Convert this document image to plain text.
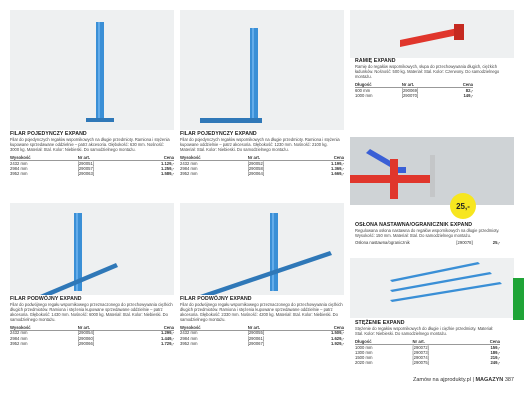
25,-
FILAR POJEDYNCZY EXPAND
Filar do pojedynczych regałów wspornikowych na długie przedmioty. Ramiona i stężenia kupowane sprzedawane oddzielnie – patrz akcesoria. Głębokość: 630 mm. Nośność: 3000 kg. Materiał: Stal. Kolor: Niebieski. Do samodzielnego montażu.
Wysokość	Nr art.	Cena
2432 mm	[290051]	1.129,-
2984 mm	[290057]	1.259,-
3952 mm	[290063]	1.589,-
FILAR POJEDYNCZY EXPAND
Filar do pojedynczych regałów wspornikowych na długie przedmioty. Ramiona i stężenia kupowane oddzielnie – patrz akcesoria. Głębokość: 1230 mm. Nośność: 2100 kg. Materiał: Stal. Kolor: Niebieski. Do samodzielnego montażu.
Wysokość	Nr art.	Cena
2432 mm	[290052]	1.199,-
2984 mm	[290058]	1.369,-
3952 mm	[290064]	1.669,-
RAMIĘ EXPAND
Ramię do regałów wspornikowych, słupa do przechowywania długich, ciężkich ładunków. Nośność: 500 kg. Materiał: Stal. Kolor: Czerwony. Do samodzielnego montażu.
Długość	Nr art.	Cena
600 mm	[290069]	82,-
1000 mm	[290070]	149,-
OSŁONA NASTAWNA/OGRANICZNIK EXPAND
Regulowana osłona nastawna do regałów wspornikowych na długie przedmioty. Wysokość: 150 mm. Materiał: Stal. Do samodzielnego montażu.
Osłona nastawna/ogranicznik	[290078]	25,-
FILAR PODWÓJNY EXPAND
Filar do podwójnego regału wspornikowego przeznaczonego do przechowywania ciężkich długich przedmiotów. Ramiona i stężenia kupowane sprzedawane oddzielnie – patrz akcesoria. Głębokość: 1430 mm. Nośność: 6000 kg. Materiał: Stal. Kolor: Niebieski. Do samodzielnego montażu.
Wysokość	Nr art.	Cena
2432 mm	[290054]	1.299,-
2984 mm	[290060]	1.449,-
3952 mm	[290066]	1.729,-
FILAR PODWÓJNY EXPAND
Filar do podwójnego regału wspornikowego przeznaczonego do przechowywania ciężkich długich przedmiotów. Ramiona i stężenia kupowane sprzedawane oddzielnie – patrz akcesoria. Głębokość: 2330 mm. Nośność: 4200 kg. Materiał: Stal. Kolor: Niebieski. Do samodzielnego montażu.
Wysokość	Nr art.	Cena
2432 mm	[290055]	1.509,-
2984 mm	[290061]	1.629,-
3952 mm	[290067]	1.929,-
STĘŻENIE EXPAND
Stężenie do regałów wspornikowych do długie i ciężkie przedmioty. Materiał: Stal. Kolor: Niebieski. Do samodzielnego montażu.
Długość	Nr art.	Cena
1000 mm	[290072]	159,-
1300 mm	[290073]	189,-
1500 mm	[290074]	219,-
2020 mm	[290075]	249,-
Zamów na ajprodukty.pl | MAGAZYN 387
